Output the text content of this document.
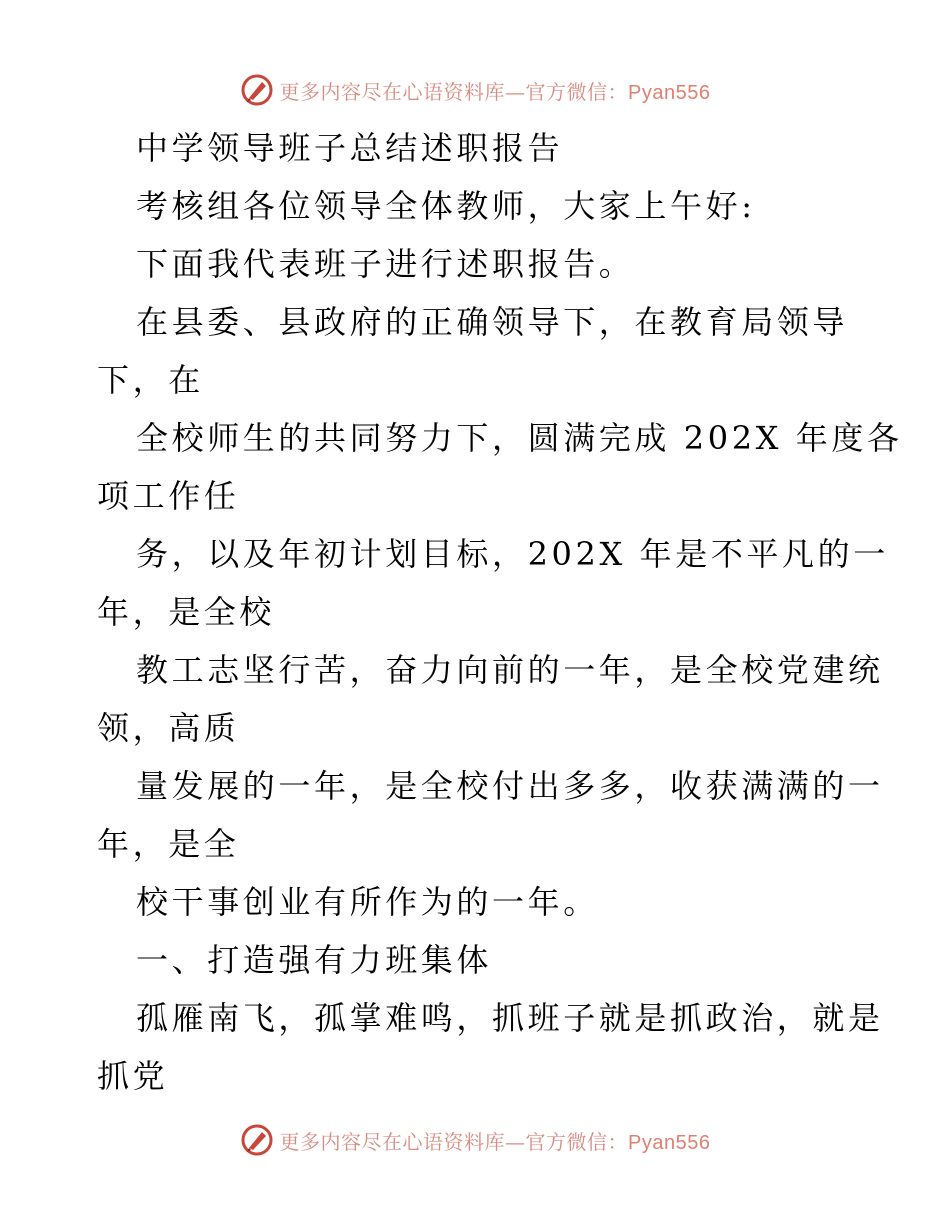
更多内容尽在心语资料库—官方微信：Pyan556
中学领导班子总结述职报告
考核组各位领导全体教师，大家上午好:
下面我代表班子进行述职报告。
在县委、县政府的正确领导下，在教育局领导
下，在
全校师生的共同努力下，圆满完成 202X 年度各
项工作任
务，以及年初计划目标，202X 年是不平凡的一
年，是全校
教工志坚行苦，奋力向前的一年，是全校党建统
领，高质
量发展的一年，是全校付出多多，收获满满的一
年，是全
校干事创业有所作为的一年。
一、打造强有力班集体
孤雁南飞，孤掌难鸣，抓班子就是抓政治，就是
抓党
更多内容尽在心语资料库—官方微信：Pyan556
